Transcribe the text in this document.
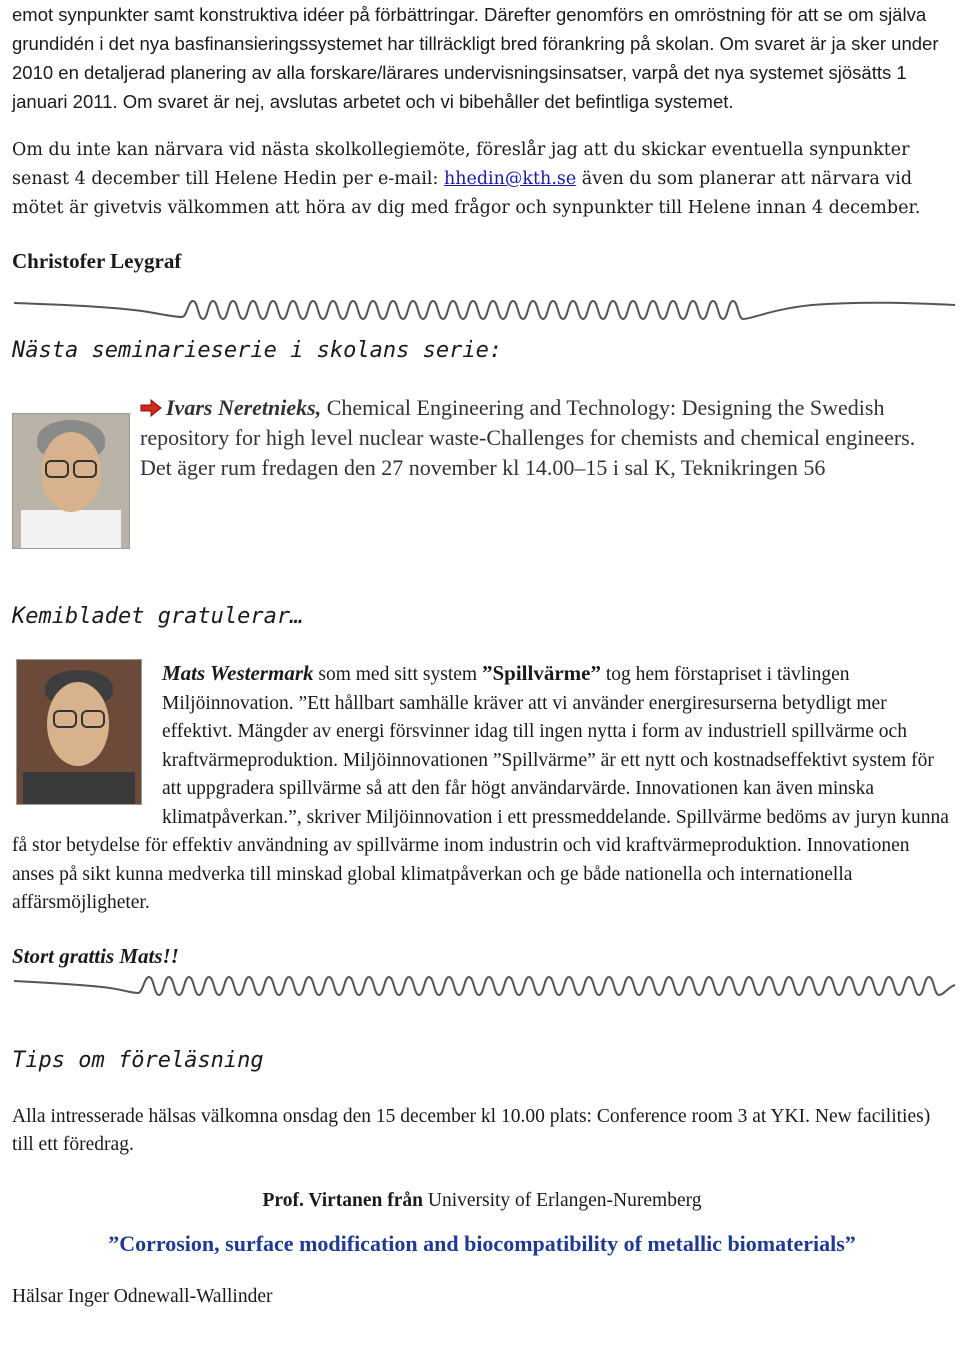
emot synpunkter samt konstruktiva idéer på förbättringar. Därefter genomförs en omröstning för att se om själva grundidén i det nya basfinansieringssystemet har tillräckligt bred förankring på skolan. Om svaret är ja sker under 2010 en detaljerad planering av alla forskare/lärares undervisningsinsatser, varpå det nya systemet sjösätts 1 januari 2011. Om svaret är nej, avslutas arbetet och vi bibehåller det befintliga systemet.

Om du inte kan närvara vid nästa skolkollegiemöte, föreslår jag att du skickar eventuella synpunkter senast 4 december till Helene Hedin per e-mail: hhedin@kth.se även du som planerar att närvara vid mötet är givetvis välkommen att höra av dig med frågor och synpunkter till Helene innan 4 december.

Christofer Leygraf

Nästa seminarieserie i skolans serie:

Ivars Neretnieks, Chemical Engineering and Technology: Designing the Swedish repository for high level nuclear waste-Challenges for chemists and chemical engineers. Det äger rum fredagen den 27 november kl 14.00–15 i sal K, Teknikringen 56

Kemibladet gratulerar…

Mats Westermark som med sitt system ”Spillvärme” tog hem förstapriset i tävlingen Miljöinnovation. ”Ett hållbart samhälle kräver att vi använder energiresurserna betydligt mer effektivt. Mängder av energi försvinner idag till ingen nytta i form av industriell spillvärme och kraftvärmeproduktion. Miljöinnovationen ”Spillvärme” är ett nytt och kostnadseffektivt system för att uppgradera spillvärme så att den får högt användarvärde. Innovationen kan även minska klimatpåverkan.”, skriver Miljöinnovation i ett pressmeddelande. Spillvärme bedöms av juryn kunna få stor betydelse för effektiv användning av spillvärme inom industrin och vid kraftvärmeproduktion. Innovationen anses på sikt kunna medverka till minskad global klimatpåverkan och ge både nationella och internationella affärsmöjligheter.

Stort grattis Mats!!

Tips om föreläsning

Alla intresserade hälsas välkomna onsdag den 15 december kl 10.00 plats: Conference room 3 at YKI. New facilities) till ett föredrag.

Prof. Virtanen från University of Erlangen-Nuremberg

”Corrosion, surface modification and biocompatibility of metallic biomaterials”

Hälsar Inger Odnewall-Wallinder
